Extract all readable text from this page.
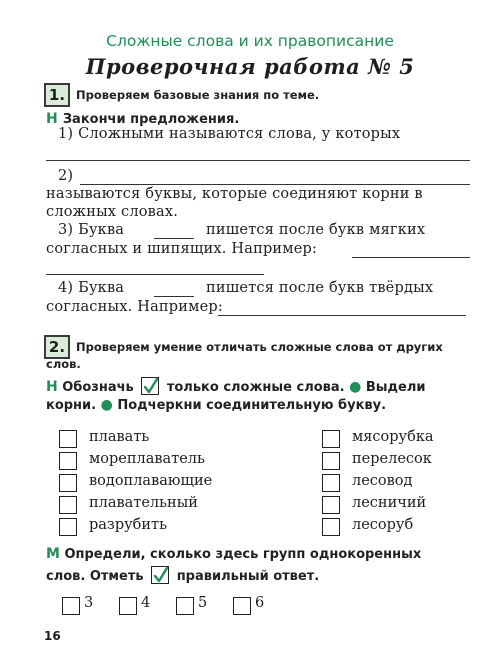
Сложные слова и их правописание
Проверочная работа № 5
1. Проверяем базовые знания по теме.
Н Закончи предложения.
1) Сложными называются слова, у которых
2)
называются буквы, которые соединяют корни в
сложных словах.
3) Буква	пишется после букв мягких
согласных и шипящих. Например:
4) Буква	пишется после букв твёрдых
согласных. Например:
2. Проверяем умение отличать сложные слова от других
слов.
Н Обозначь	только сложные слова. ● Выдели
корни. ● Подчеркни соединительную букву.
плавать
мореплаватель
водоплавающие
плавательный
разрубить
мясорубка
перелесок
лесовод
лесничий
лесоруб
М Определи, сколько здесь групп однокоренных
слов. Отметь	правильный ответ.
3	4	5	6
16
